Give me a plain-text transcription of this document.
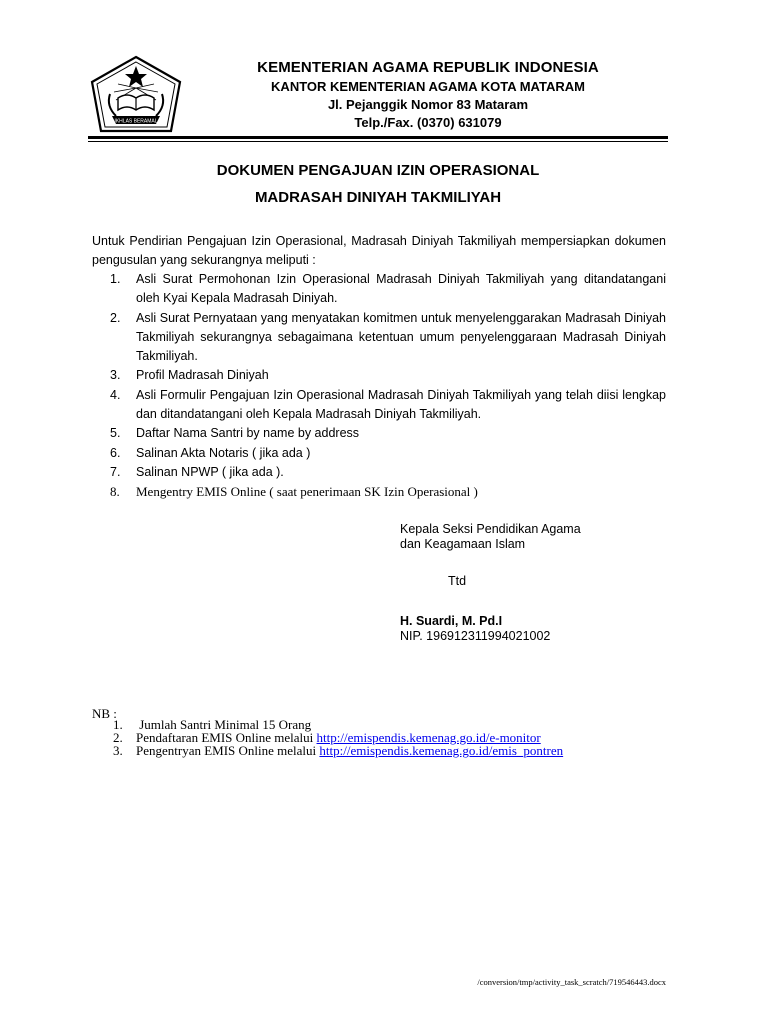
IKHLAS BERAMAL
KEMENTERIAN AGAMA REPUBLIK INDONESIA
KANTOR KEMENTERIAN AGAMA KOTA MATARAM
Jl. Pejanggik Nomor 83 Mataram
Telp./Fax. (0370) 631079
DOKUMEN PENGAJUAN IZIN OPERASIONAL
MADRASAH DINIYAH TAKMILIYAH
Untuk Pendirian Pengajuan Izin Operasional, Madrasah Diniyah Takmiliyah mempersiapkan dokumen pengusulan yang sekurangnya meliputi :
1. Asli Surat Permohonan Izin Operasional Madrasah Diniyah Takmiliyah yang ditandatangani oleh Kyai Kepala Madrasah Diniyah.
2. Asli Surat Pernyataan yang menyatakan komitmen untuk menyelenggarakan Madrasah Diniyah Takmiliyah sekurangnya sebagaimana ketentuan umum penyelenggaraan Madrasah Diniyah Takmiliyah.
3. Profil Madrasah Diniyah
4. Asli Formulir Pengajuan Izin Operasional Madrasah Diniyah Takmiliyah yang telah diisi lengkap dan ditandatangani oleh Kepala Madrasah Diniyah Takmiliyah.
5. Daftar Nama Santri by name by address
6. Salinan Akta Notaris ( jika ada )
7. Salinan NPWP ( jika ada ).
8. Mengentry EMIS Online ( saat penerimaan SK Izin Operasional )
Kepala Seksi Pendidikan Agama
dan Keagamaan Islam
Ttd
H. Suardi, M. Pd.I
NIP. 196912311994021002
NB :
1. Jumlah Santri Minimal 15 Orang
2. Pendaftaran EMIS Online melalui http://emispendis.kemenag.go.id/e-monitor
3. Pengentryan EMIS Online melalui http://emispendis.kemenag.go.id/emis_pontren
/conversion/tmp/activity_task_scratch/719546443.docx
